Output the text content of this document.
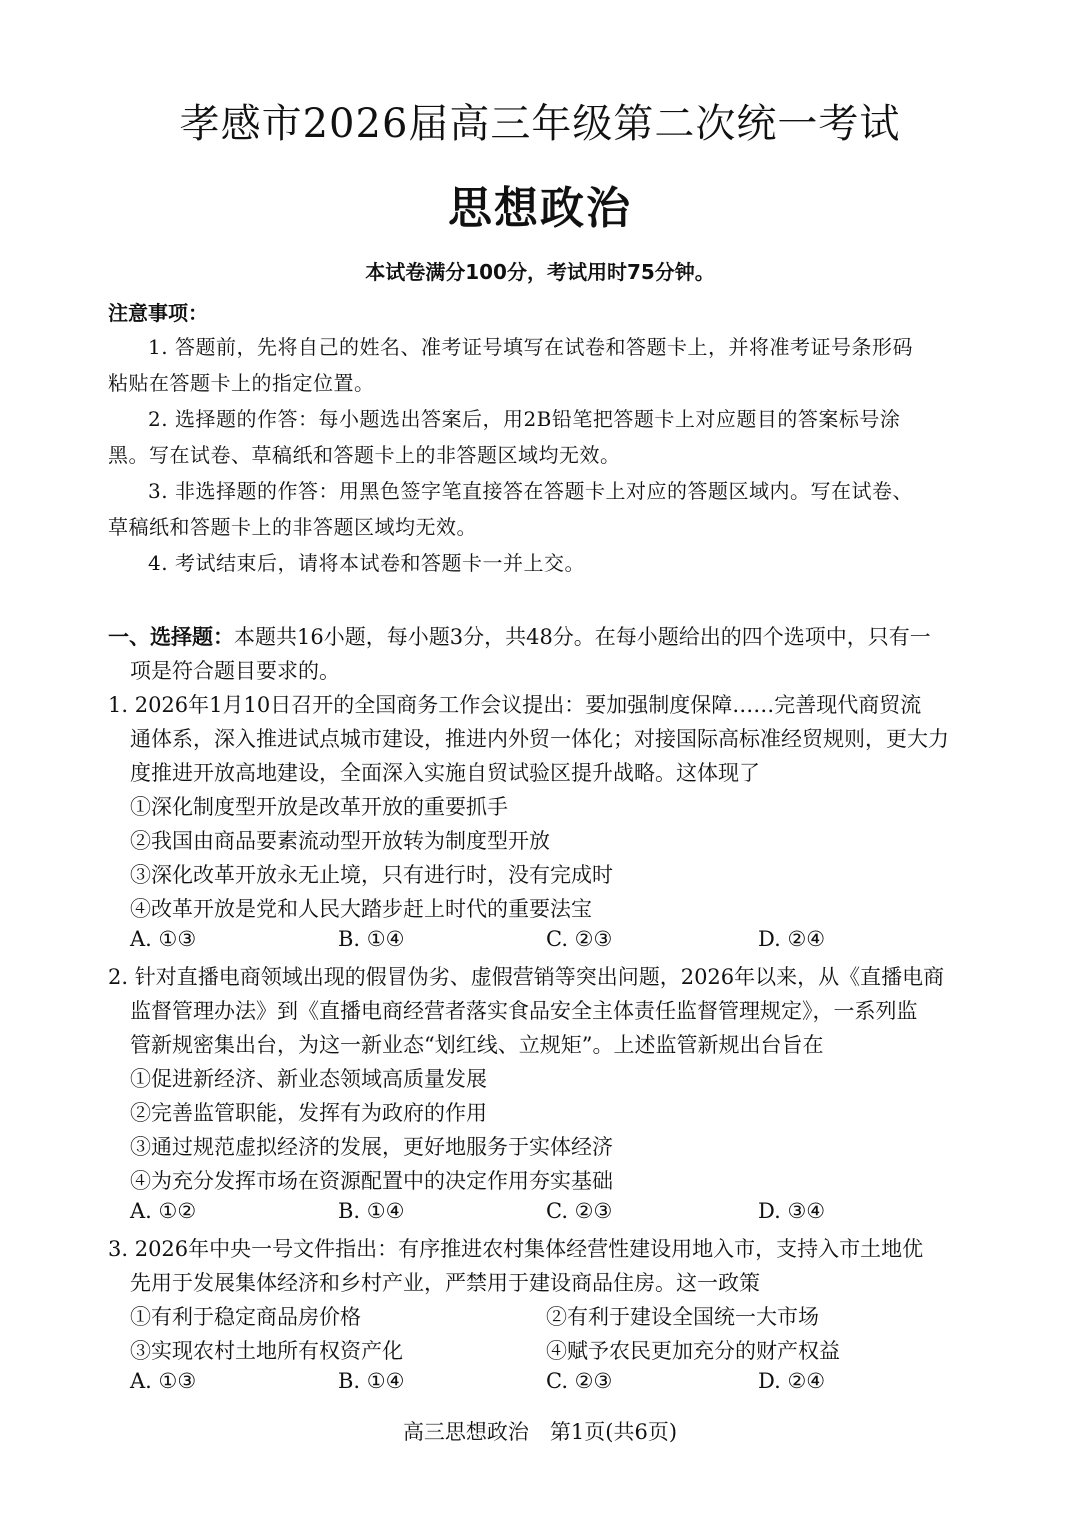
孝感市2026届高三年级第二次统一考试
思想政治
本试卷满分100分，考试用时75分钟。
注意事项：
1. 答题前，先将自己的姓名、准考证号填写在试卷和答题卡上，并将准考证号条形码
粘贴在答题卡上的指定位置。
2. 选择题的作答：每小题选出答案后，用2B铅笔把答题卡上对应题目的答案标号涂
黑。写在试卷、草稿纸和答题卡上的非答题区域均无效。
3. 非选择题的作答：用黑色签字笔直接答在答题卡上对应的答题区域内。写在试卷、
草稿纸和答题卡上的非答题区域均无效。
4. 考试结束后，请将本试卷和答题卡一并上交。
一、选择题：本题共16小题，每小题3分，共48分。在每小题给出的四个选项中，只有一
项是符合题目要求的。
1. 2026年1月10日召开的全国商务工作会议提出：要加强制度保障……完善现代商贸流
通体系，深入推进试点城市建设，推进内外贸一体化；对接国际高标准经贸规则，更大力
度推进开放高地建设，全面深入实施自贸试验区提升战略。这体现了
①深化制度型开放是改革开放的重要抓手
②我国由商品要素流动型开放转为制度型开放
③深化改革开放永无止境，只有进行时，没有完成时
④改革开放是党和人民大踏步赶上时代的重要法宝
A. ①③	B. ①④	C. ②③	D. ②④
2. 针对直播电商领域出现的假冒伪劣、虚假营销等突出问题，2026年以来，从《直播电商
监督管理办法》到《直播电商经营者落实食品安全主体责任监督管理规定》，一系列监
管新规密集出台，为这一新业态“划红线、立规矩”。上述监管新规出台旨在
①促进新经济、新业态领域高质量发展
②完善监管职能，发挥有为政府的作用
③通过规范虚拟经济的发展，更好地服务于实体经济
④为充分发挥市场在资源配置中的决定作用夯实基础
A. ①②	B. ①④	C. ②③	D. ③④
3. 2026年中央一号文件指出：有序推进农村集体经营性建设用地入市，支持入市土地优
先用于发展集体经济和乡村产业，严禁用于建设商品住房。这一政策
①有利于稳定商品房价格	②有利于建设全国统一大市场
③实现农村土地所有权资产化	④赋予农民更加充分的财产权益
A. ①③	B. ①④	C. ②③	D. ②④
高三思想政治　第1页(共6页)
